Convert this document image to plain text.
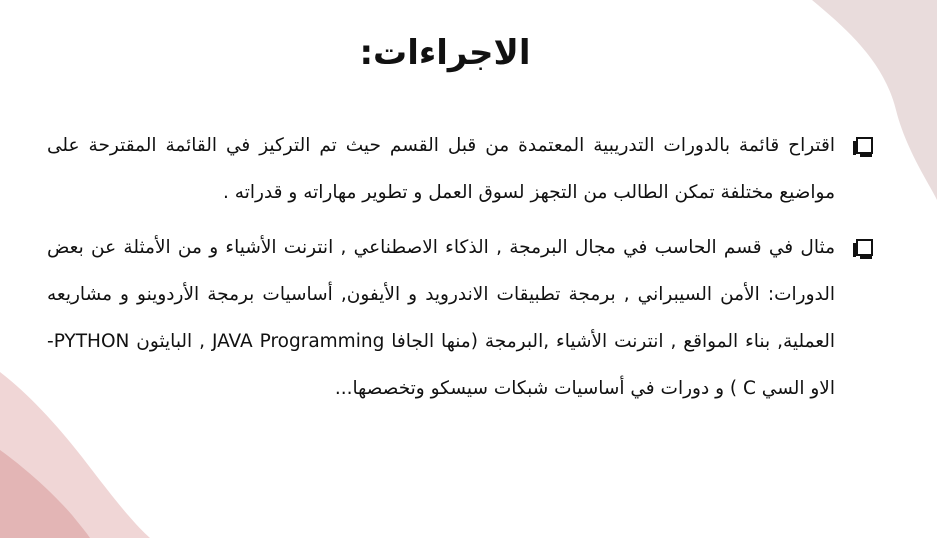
الاجراءات:
اقتراح قائمة بالدورات التدريبية المعتمدة من قبل القسم حيث تم التركيز في القائمة المقترحة على مواضيع مختلفة تمكن الطالب من التجهز لسوق العمل و تطوير مهاراته و قدراته .
مثال في قسم الحاسب في مجال البرمجة , الذكاء الاصطناعي , انترنت الأشياء و من الأمثلة عن بعض الدورات: الأمن السيبراني , برمجة تطبيقات الاندرويد و الأيفون, أساسيات برمجة الأردوينو و مشاريعه العملية, بناء المواقع , انترنت الأشياء ,البرمجة (منها الجافا JAVA Programming , البايثون PYTHON-الاو السي C ) و دورات في أساسيات شبكات سيسكو وتخصصها...
